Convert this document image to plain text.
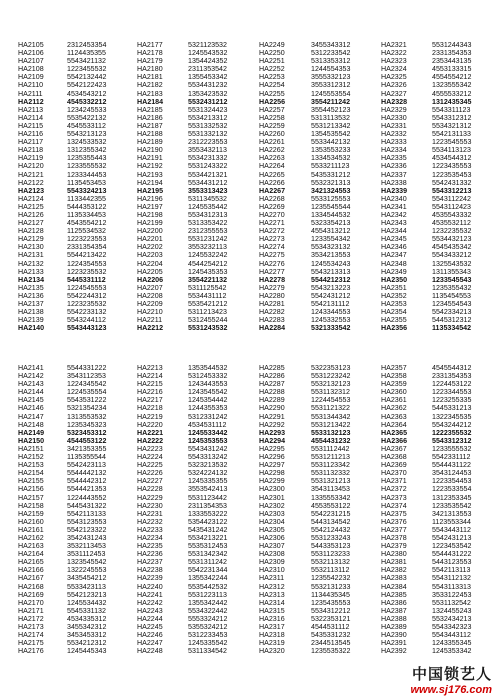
HA2105	2312453354	HA2177	5321123532	HA2249	3455343312	HA2321	5531244343
HA2106	1124435355	HA2178	1245543532	HA2250	5312233542	HA2322	2331354353
HA2107	5543421132	HA2179	1354424352	HA2251	5313353312	HA2323	2353443135
HA2108	1223455532	HA2180	2311353542	HA2252	1244554353	HA2324	4553133315
HA2109	5542132442	HA2181	1355453342	HA2253	3555332123	HA2325	4554554212
HA2110	5542122423	HA2182	5534431232	HA2254	3553312312	HA2326	1323555342
HA2111	4534543212	HA2183	1353423532	HA2255	1245553554	HA2327	4555533212
HA2112	4545332212	HA2184	5532431212	HA2256	3554211242	HA2328	1312435345
HA2113	1234245533	HA2185	5531324423	HA2257	3554452123	HA2329	5543311123
HA2114	5535422132	HA2186	5534213312	HA2258	5313113532	HA2330	5543312312
HA2115	4545533112	HA2187	5531332532	HA2259	5531213342	HA2331	5534321312
HA2116	5543213123	HA2188	5531332132	HA2260	1354535542	HA2332	5542131133
HA2117	1324533532	HA2189	2312223553	HA2261	5533442132	HA2333	1223545553
HA2118	1312355342	HA2190	3553432113	HA2262	1353553233	HA2334	5534113123
HA2119	1235355443	HA2191	5534231332	HA2263	1334534532	HA2335	4534544312
HA2120	1233555532	HA2192	5531243322	HA2264	5533211123	HA2336	1223435553
HA2121	1233344453	HA2193	5534421321	HA2265	5435331212	HA2337	1223535453
HA2122	1135453453	HA2194	5534431212	HA2266	5532321313	HA2338	5542431332
HA2123	5543324213	HA2195	3553313423	HA2267	3421324553	HA2339	5543312213
HA2124	1133442355	HA2196	5311345532	HA2268	5533125553	HA2340	5543112242
HA2125	5444353122	HA2197	1245535442	HA2269	1235545544	HA2341	5543112423
HA2126	1135334453	HA2198	5534312313	HA2270	1334544532	HA2342	4535543332
HA2127	4543554212	HA2199	5313353422	HA2271	5323354213	HA2343	4535532112
HA2128	1125534532	HA2200	2312355553	HA2272	4554313212	HA2344	1232235532
HA2129	1223223553	HA2201	5531231242	HA2273	1233554342	HA2345	5534432123
HA2130	2331354354	HA2202	3553232113	HA2274	5534323132	HA2346	4545435342
HA2131	5544213422	HA2203	1245532242	HA2275	3534213553	HA2347	5543433212
HA2132	1224354553	HA2204	4544254212	HA2276	1245534243	HA2348	1325543532
HA2133	1223235532	HA2205	1245435353	HA2277	5543213313	HA2349	1311355343
HA2134	5445331112	HA2206	3554221132	HA2278	5544212312	HA2350	1233545543
HA2135	1224545553	HA2207	5311125542	HA2279	5543213223	HA2351	1235355432
HA2136	5542244312	HA2208	5534431112	HA2280	5542431212	HA2352	1135454553
HA2137	1223235532	HA2209	5535421212	HA2281	5542131112	HA2353	1234554543
HA2138	5542233132	HA2210	5311213423	HA2282	1243344553	HA2354	5542334213
HA2139	5543244112	HA2211	5312455244	HA2283	1245332553	HA2355	5445312312
HA2140	5543443123	HA2212	5531243532	HA2284	5321333542	HA2356	1135334542
HA2141	5544331222	HA2213	1353544532	HA2285	5322353123	HA2357	4545544312
HA2142	3543112353	HA2214	5312453332	HA2286	5531223242	HA2358	2331354353
HA2143	1224345542	HA2215	1243443553	HA2287	5532132123	HA2359	1224453122
HA2144	1224535554	HA2216	1243545542	HA2288	5531132312	HA2360	1223344553
HA2145	5543531222	HA2217	1245354442	HA2289	1224454553	HA2361	1223255335
HA2146	5321354234	HA2218	1244355353	HA2290	5531121322	HA2362	5445331213
HA2147	1313553532	HA2219	5312331242	HA2291	5531344342	HA2363	1322345535
HA2148	1235345323	HA2220	4534531112	HA2292	5531213422	HA2364	5543244212
HA2149	5323453312	HA2221	1245533442	HA2293	5533132123	HA2365	1222355532
HA2150	4544553122	HA2222	1245353553	HA2294	4554431232	HA2366	5543312312
HA2151	3421353355	HA2223	5543431242	HA2295	5531112442	HA2367	1233555532
HA2152	1135355544	HA2224	5543313242	HA2296	5531211213	HA2368	5542331112
HA2153	5542423113	HA2225	5323213532	HA2297	5531123342	HA2369	5544431122
HA2154	5544442132	HA2226	5324224132	HA2298	5531132332	HA2370	3543124453
HA2155	5544442312	HA2227	1245335355	HA2299	5531321213	HA2371	1223354453
HA2156	5544421353	HA2228	3553542413	HA2300	3543113453	HA2372	1223533554
HA2157	1224443552	HA2229	5531123442	HA2301	1335553342	HA2373	1312353345
HA2158	5445431322	HA2230	2311354353	HA2302	4553553122	HA2374	1233535542
HA2159	5542113133	HA2231	1333553222	HA2303	5542231215	HA2375	3421313553
HA2160	5543123553	HA2232	5354423122	HA2304	5443134542	HA2376	1123553344
HA2161	5542123322	HA2233	5435431242	HA2305	5542124432	HA2377	5543443112
HA2162	3542431243	HA2234	5534213221	HA2306	5531233243	HA2378	5542431213
HA2163	3532113453	HA2235	5535312453	HA2307	5443353123	HA2379	1223453542
HA2164	3531112453	HA2236	5531342342	HA2308	5531123233	HA2380	5544431222
HA2165	1323545542	HA2237	5531311242	HA2309	5532113132	HA2381	5443123553
HA2166	1322245553	HA2238	5542231344	HA2310	5532113112	HA2382	5542113113
HA2167	3435454212	HA2239	1355342244	HA2311	1235542232	HA2383	5543112132
HA2168	5533423113	HA2240	5535442532	HA2312	5532131233	HA2384	5543113313
HA2169	5542123213	HA2241	5531223113	HA2313	1134435345	HA2385	3533122453
HA2170	1245534432	HA2242	1355342442	HA2314	1235435553	HA2386	5531132542
HA2171	5545331132	HA2243	5534322442	HA2315	5534312212	HA2387	1324455243
HA2172	4534335312	HA2244	5553324212	HA2316	5322353121	HA2388	5532434213
HA2173	3455342312	HA2245	5355324212	HA2317	4544531112	HA2389	5543342323
HA2174	3453453312	HA2246	5312233453	HA2318	5435331232	HA2390	5543443112
HA2175	5534212312	HA2247	1245335542	HA2319	2344513545	HA2391	1243355345
HA2176	1245445343	HA2248	5311334542	HA2320	1235535322	HA2392	1245353342
中国锁艺人
www.sj176.com
